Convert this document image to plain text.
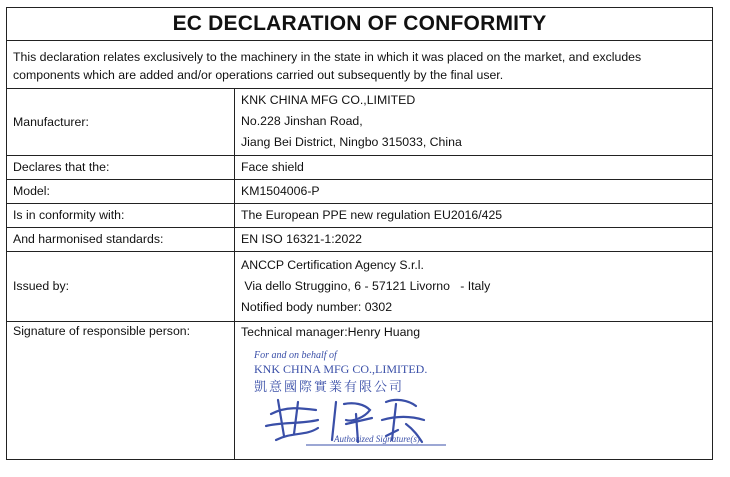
EC DECLARATION OF CONFORMITY
This declaration relates exclusively to the machinery in the state in which it was placed on the market, and excludes components which are added and/or operations carried out subsequently by the final user.
Manufacturer:	KNK CHINA MFG CO.,LIMITED
No.228 Jinshan Road,
Jiang Bei District, Ningbo 315033, China

Declares that the:	Face shield
Model:	KM1504006-P
Is in conformity with:	The European PPE new regulation EU2016/425
And harmonised standards:	EN ISO 16321-1:2022
Issued by:	ANCCP Certification Agency S.r.l.
Via dello Struggino, 6 - 57121 Livorno   - Italy
Notified body number: 0302

Signature of responsible person:	Technical manager:Henry Huang
For and on behalf of
KNK CHINA MFG CO.,LIMITED.
凱意國際實業有限公司
Authorized Signature(s)
